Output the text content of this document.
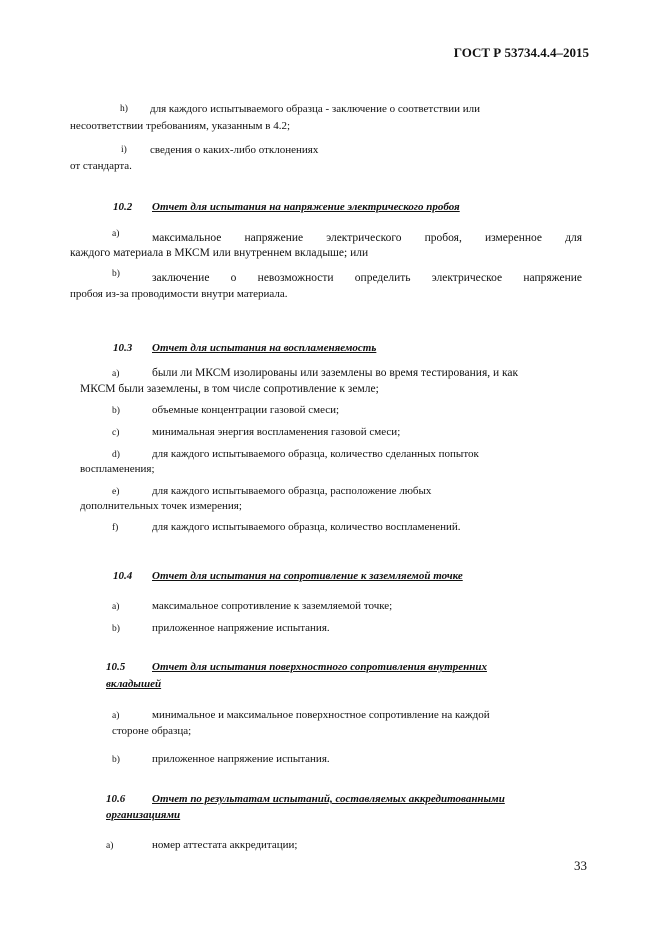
ГОСТ Р 53734.4.4–2015
h) для каждого испытываемого образца - заключение о соответствии или
несоответствии требованиям, указанным в 4.2;
i) сведения о каких-либо отклонениях
от стандарта.
10.2 Отчет для испытания на напряжение электрического пробоя
a)	максимальное напряжение электрического пробоя, измеренное для
каждого материала в МКСМ или внутреннем вкладыше; или
b)	заключение о невозможности определить электрическое напряжение
пробоя из-за проводимости внутри материала.
10.3 Отчет для испытания на воспламеняемость
a)	были ли МКСМ изолированы или заземлены во время тестирования, и как
МКСМ были заземлены, в том числе сопротивление к земле;
b)	объемные концентрации газовой смеси;
c)	минимальная энергия воспламенения газовой смеси;
d)	для каждого испытываемого образца, количество сделанных попыток
воспламенения;
e)	для каждого испытываемого образца, расположение любых
дополнительных точек измерения;
f)	для каждого испытываемого образца, количество воспламенений.
10.4 Отчет для испытания на сопротивление к заземляемой точке
a)	максимальное сопротивление к заземляемой точке;
b)	приложенное напряжение испытания.
10.5 Отчет для испытания поверхностного сопротивления внутренних
вкладышей
a)	минимальное и максимальное поверхностное сопротивление на каждой
стороне образца;
b)	приложенное напряжение испытания.
10.6 Отчет по результатам испытаний, составляемых аккредитованными
организациями
a)	номер аттестата аккредитации;
33
